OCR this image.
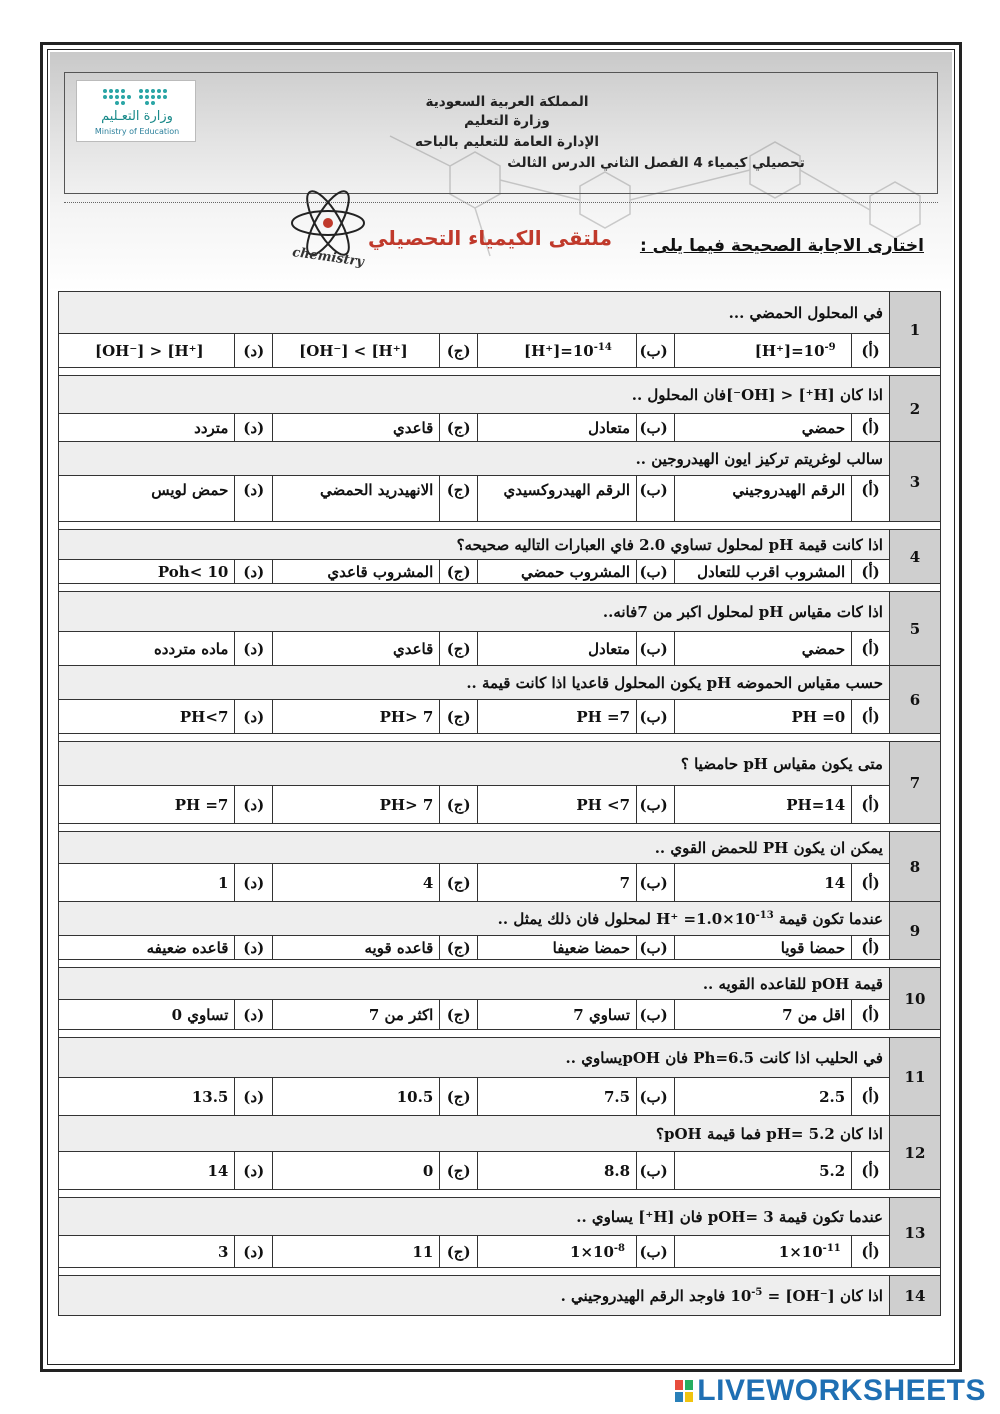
وزارة التعـليم
Ministry of Education
المملكة العربية السعودية
وزارة التعليم
الإدارة العامة للتعليم بالباحه
تحصيلي كيمياء 4 الفصل الثاني الدرس الثالث
ملتقى الكيمياء التحصيلي
chemistry	اختارى الاجابة الصحيحة فيما يلى :
في المحلول الحمضي ...								1
[OH⁻] > [H⁺]	(د)	[OH⁻] < [H⁺]	(ج)	$[H^+]=10^{-14}$	(ب)	$[H^+]=10^{-9}$	(أ)	

اذا كان [H⁺] < [OH⁻]فان المحلول ..								2
متردد	(د)	قاعدي	(ج)	متعادل	(ب)	حمضي	(أ)	
سالب لوغريتم تركيز ايون الهيدروجين ..								3
حمض لويس	(د)	الانهيدريد الحمضي	(ج)	الرقم الهيدروكسيدي	(ب)	الرقم الهيدروجيني	(أ)	

اذا كانت قيمة pH لمحلول تساوي 2.0 فاي العبارات التاليه صحيحه؟								4
10 >Poh	(د)	المشروب قاعدي	(ج)	المشروب حمضي	(ب)	المشروب اقرب للتعادل	(أ)	

اذا كات مقياس pH لمحلول اكبر من 7فانه..								5
ماده متردده	(د)	قاعدي	(ج)	متعادل	(ب)	حمضي	(أ)	
حسب مقياس الحموضه pH يكون المحلول قاعديا اذا كانت قيمة ..								6
7>PH	(د)	7 <PH	(ج)	PH =7	(ب)	PH =0	(أ)	

متى يكون مقياس pH حامضيا ؟								7
PH =7	(د)	7 <PH	(ج)	7> PH	(ب)	PH=14	(أ)	

يمكن ان يكون PH للحمض القوي ..								8
1	(د)	4	(ج)	7	(ب)	14	(أ)	
عندما تكون قيمة $H^+ =1.0\times 10^{-13}$ لمحلول فان ذلك يمثل ..								9
قاعده ضعيفه	(د)	قاعده قويه	(ج)	حمضا ضعيفا	(ب)	حمضا قويا	(أ)	

قيمة pOH للقاعده القويه ..								10
تساوي 0	(د)	اكثر من 7	(ج)	تساوي 7	(ب)	اقل من 7	(أ)	

في الحليب اذا كانت Ph=6.5 فان pOHيساوي ..								11
13.5	(د)	10.5	(ج)	7.5	(ب)	2.5	(أ)	
اذا كان pH= 5.2 فما قيمة pOH؟								12
14	(د)	0	(ج)	8.8	(ب)	5.2	(أ)	

عندما تكون قيمة pOH= 3 فان [H⁺] يساوي ..								13
3	(د)	11	(ج)	$1\times 10^{-8}$	(ب)	$1\times 10^{-11}$	(أ)	

اذا كان $10^{-5} = [OH^-]$ فاوجد الرقم الهيدروجيني .								14
LIVEWORKSHEETS
